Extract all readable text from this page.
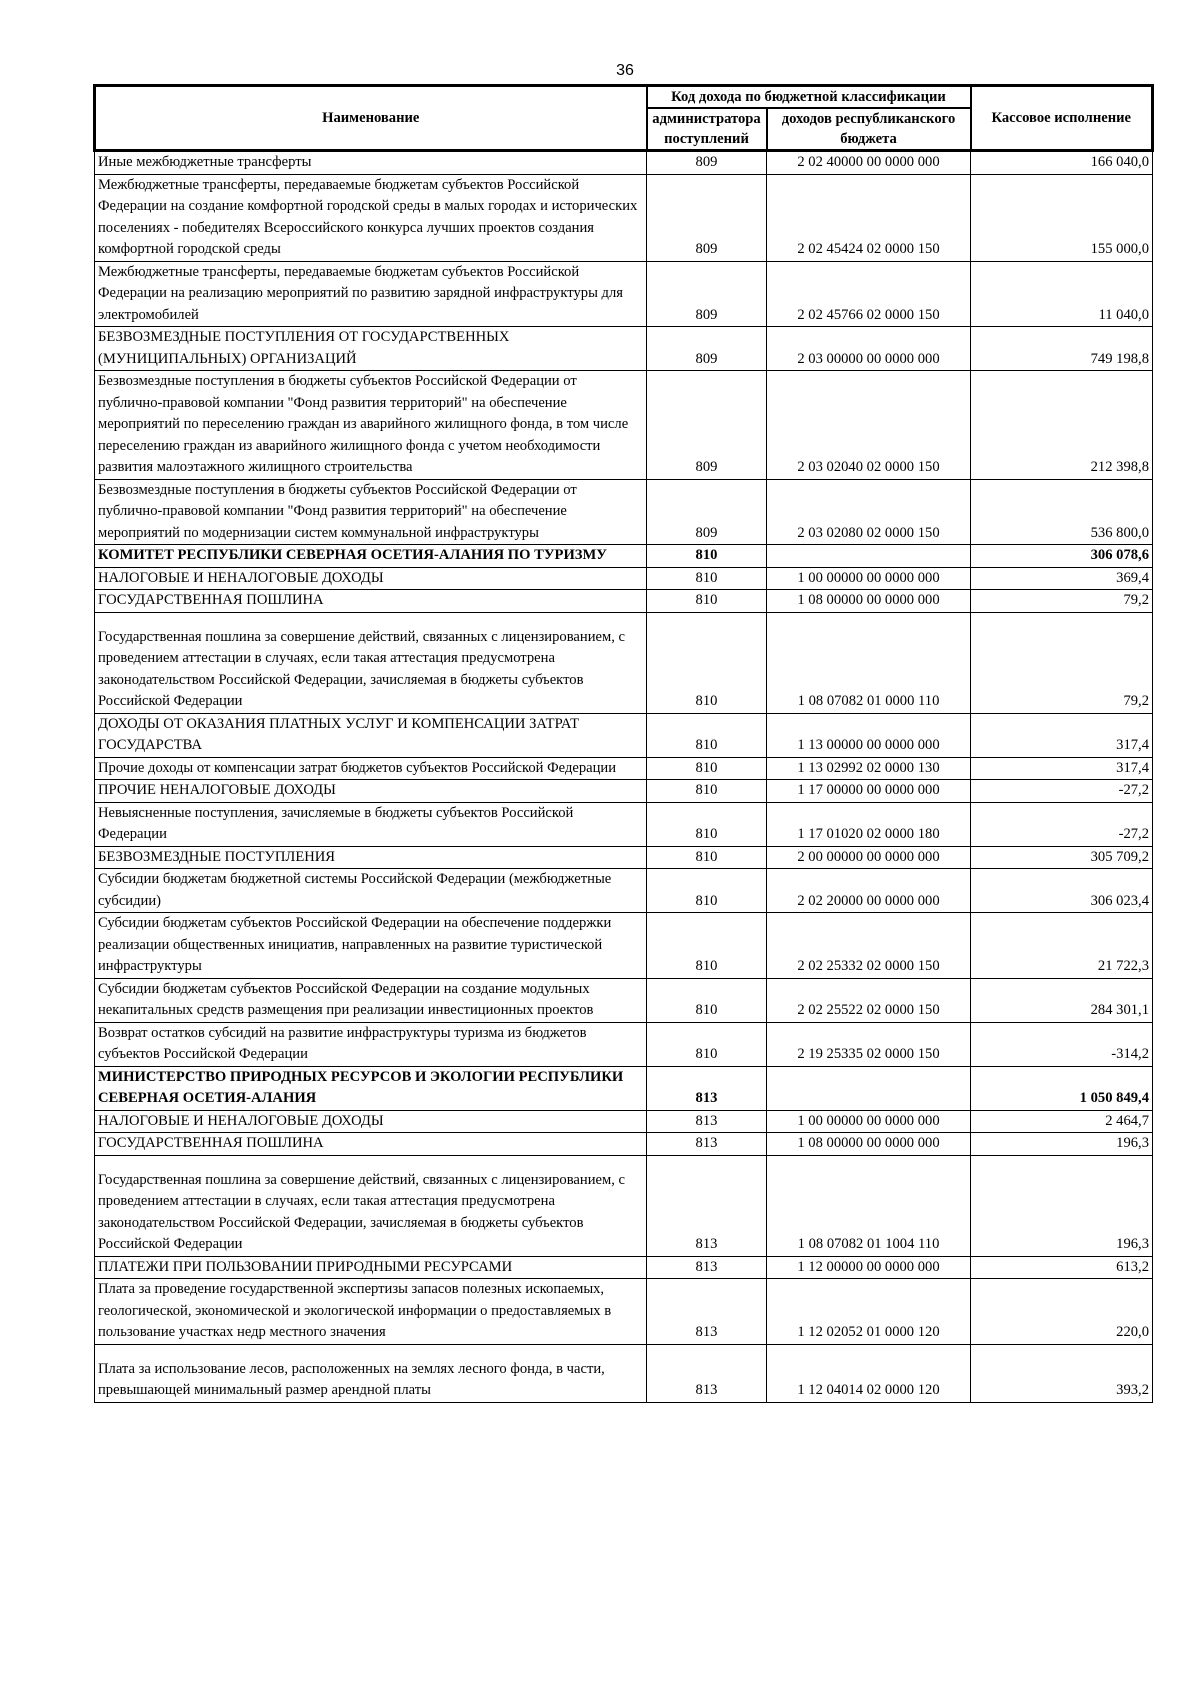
36
Наименование	Код дохода по бюджетной классификации		Кассовое исполнение
	администратора поступлений	доходов республиканского бюджета	
Иные межбюджетные трансферты	809	2 02 40000 00 0000 000	166 040,0
Межбюджетные трансферты, передаваемые бюджетам субъектов Российской Федерации на создание комфортной городской среды в малых городах и исторических поселениях - победителях Всероссийского конкурса лучших проектов создания комфортной городской среды	809	2 02 45424 02 0000 150	155 000,0
Межбюджетные трансферты, передаваемые бюджетам субъектов Российской Федерации на реализацию мероприятий по развитию зарядной инфраструктуры для электромобилей	809	2 02 45766 02 0000 150	11 040,0
БЕЗВОЗМЕЗДНЫЕ ПОСТУПЛЕНИЯ ОТ ГОСУДАРСТВЕННЫХ (МУНИЦИПАЛЬНЫХ) ОРГАНИЗАЦИЙ	809	2 03 00000 00 0000 000	749 198,8
Безвозмездные поступления в бюджеты субъектов Российской Федерации от публично-правовой компании "Фонд развития территорий" на обеспечение мероприятий по переселению граждан из аварийного жилищного фонда, в том числе переселению граждан из аварийного жилищного фонда с учетом необходимости развития малоэтажного жилищного строительства	809	2 03 02040 02 0000 150	212 398,8
Безвозмездные поступления в бюджеты субъектов Российской Федерации от публично-правовой компании "Фонд развития территорий" на обеспечение мероприятий по модернизации систем коммунальной инфраструктуры	809	2 03 02080 02 0000 150	536 800,0
КОМИТЕТ РЕСПУБЛИКИ СЕВЕРНАЯ ОСЕТИЯ-АЛАНИЯ ПО ТУРИЗМУ	810		306 078,6
НАЛОГОВЫЕ И НЕНАЛОГОВЫЕ ДОХОДЫ	810	1 00 00000 00 0000 000	369,4
ГОСУДАРСТВЕННАЯ ПОШЛИНА	810	1 08 00000 00 0000 000	79,2
Государственная пошлина за совершение действий, связанных с лицензированием, с проведением аттестации в случаях, если такая аттестация предусмотрена законодательством Российской Федерации, зачисляемая в бюджеты субъектов Российской Федерации	810	1 08 07082 01 0000 110	79,2
ДОХОДЫ ОТ ОКАЗАНИЯ ПЛАТНЫХ УСЛУГ И КОМПЕНСАЦИИ ЗАТРАТ ГОСУДАРСТВА	810	1 13 00000 00 0000 000	317,4
Прочие доходы от компенсации затрат бюджетов субъектов Российской Федерации	810	1 13 02992 02 0000 130	317,4
ПРОЧИЕ НЕНАЛОГОВЫЕ ДОХОДЫ	810	1 17 00000 00 0000 000	-27,2
Невыясненные поступления, зачисляемые в бюджеты субъектов Российской Федерации	810	1 17 01020 02 0000 180	-27,2
БЕЗВОЗМЕЗДНЫЕ ПОСТУПЛЕНИЯ	810	2 00 00000 00 0000 000	305 709,2
Субсидии бюджетам бюджетной системы Российской Федерации (межбюджетные субсидии)	810	2 02 20000 00 0000 000	306 023,4
Субсидии бюджетам субъектов Российской Федерации на обеспечение поддержки реализации общественных инициатив, направленных на развитие туристической инфраструктуры	810	2 02 25332 02 0000 150	21 722,3
Субсидии бюджетам субъектов Российской Федерации на создание модульных некапитальных средств размещения при реализации инвестиционных проектов	810	2 02 25522 02 0000 150	284 301,1
Возврат остатков субсидий на развитие инфраструктуры туризма из бюджетов субъектов Российской Федерации	810	2 19 25335 02 0000 150	-314,2
МИНИСТЕРСТВО ПРИРОДНЫХ РЕСУРСОВ И ЭКОЛОГИИ РЕСПУБЛИКИ СЕВЕРНАЯ ОСЕТИЯ-АЛАНИЯ	813		1 050 849,4
НАЛОГОВЫЕ И НЕНАЛОГОВЫЕ ДОХОДЫ	813	1 00 00000 00 0000 000	2 464,7
ГОСУДАРСТВЕННАЯ ПОШЛИНА	813	1 08 00000 00 0000 000	196,3
Государственная пошлина за совершение действий, связанных с лицензированием, с проведением аттестации в случаях, если такая аттестация предусмотрена законодательством Российской Федерации, зачисляемая в бюджеты субъектов Российской Федерации	813	1 08 07082 01 1004 110	196,3
ПЛАТЕЖИ ПРИ ПОЛЬЗОВАНИИ ПРИРОДНЫМИ РЕСУРСАМИ	813	1 12 00000 00 0000 000	613,2
Плата за проведение государственной экспертизы запасов полезных ископаемых, геологической, экономической и экологической информации о предоставляемых в пользование участках недр местного значения	813	1 12 02052 01 0000 120	220,0
Плата за использование лесов, расположенных на землях лесного фонда, в части, превышающей минимальный размер арендной платы	813	1 12 04014 02 0000 120	393,2
